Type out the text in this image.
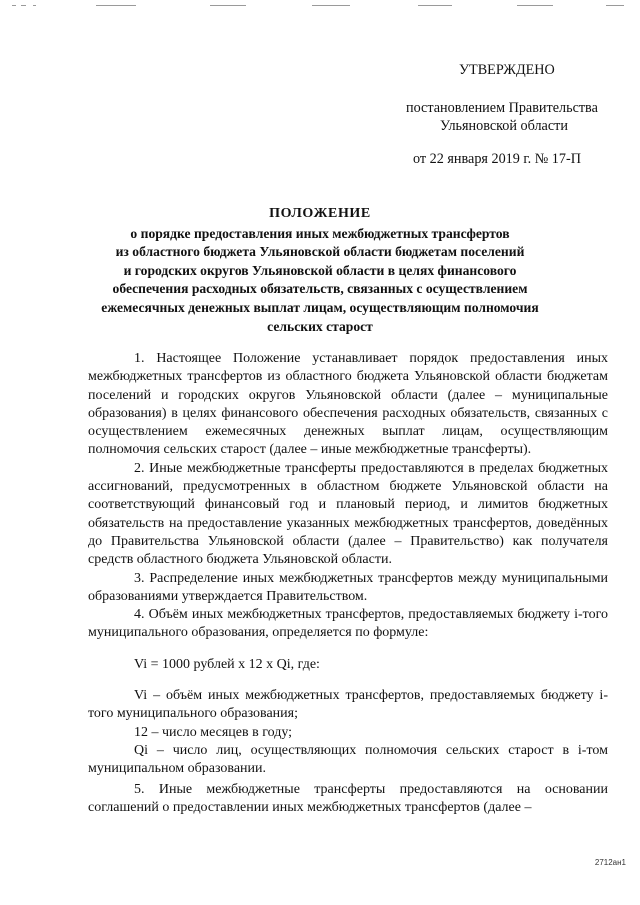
УТВЕРЖДЕНО
постановлением Правительства
Ульяновской области
от 22 января 2019 г. № 17-П
ПОЛОЖЕНИЕ
о порядке предоставления иных межбюджетных трансфертов
из областного бюджета Ульяновской области бюджетам поселений
и городских округов Ульяновской области в целях финансового
обеспечения расходных обязательств, связанных с осуществлением
ежемесячных денежных выплат лицам, осуществляющим полномочия
сельских старост

1. Настоящее Положение устанавливает порядок предоставления иных межбюджетных трансфертов из областного бюджета Ульяновской области бюджетам поселений и городских округов Ульяновской области (далее – муниципальные образования) в целях финансового обеспечения расходных обязательств, связанных с осуществлением ежемесячных денежных выплат лицам, осуществляющим полномочия сельских старост (далее – иные межбюджетные трансферты).

2. Иные межбюджетные трансферты предоставляются в пределах бюджетных ассигнований, предусмотренных в областном бюджете Ульяновской области на соответствующий финансовый год и плановый период, и лимитов бюджетных обязательств на предоставление указанных межбюджетных трансфертов, доведённых до Правительства Ульяновской области (далее – Правительство) как получателя средств областного бюджета Ульяновской области.

3. Распределение иных межбюджетных трансфертов между муниципальными образованиями утверждается Правительством.

4. Объём иных межбюджетных трансфертов, предоставляемых бюджету i-того муниципального образования, определяется по формуле:

Vi = 1000 рублей х 12 х Qi, где:

Vi – объём иных межбюджетных трансфертов, предоставляемых бюджету i-того муниципального образования;

12 – число месяцев в году;

Qi – число лиц, осуществляющих полномочия сельских старост в i-том муниципальном образовании.

5. Иные межбюджетные трансферты предоставляются на основании соглашений о предоставлении иных межбюджетных трансфертов (далее –

2712ан1
